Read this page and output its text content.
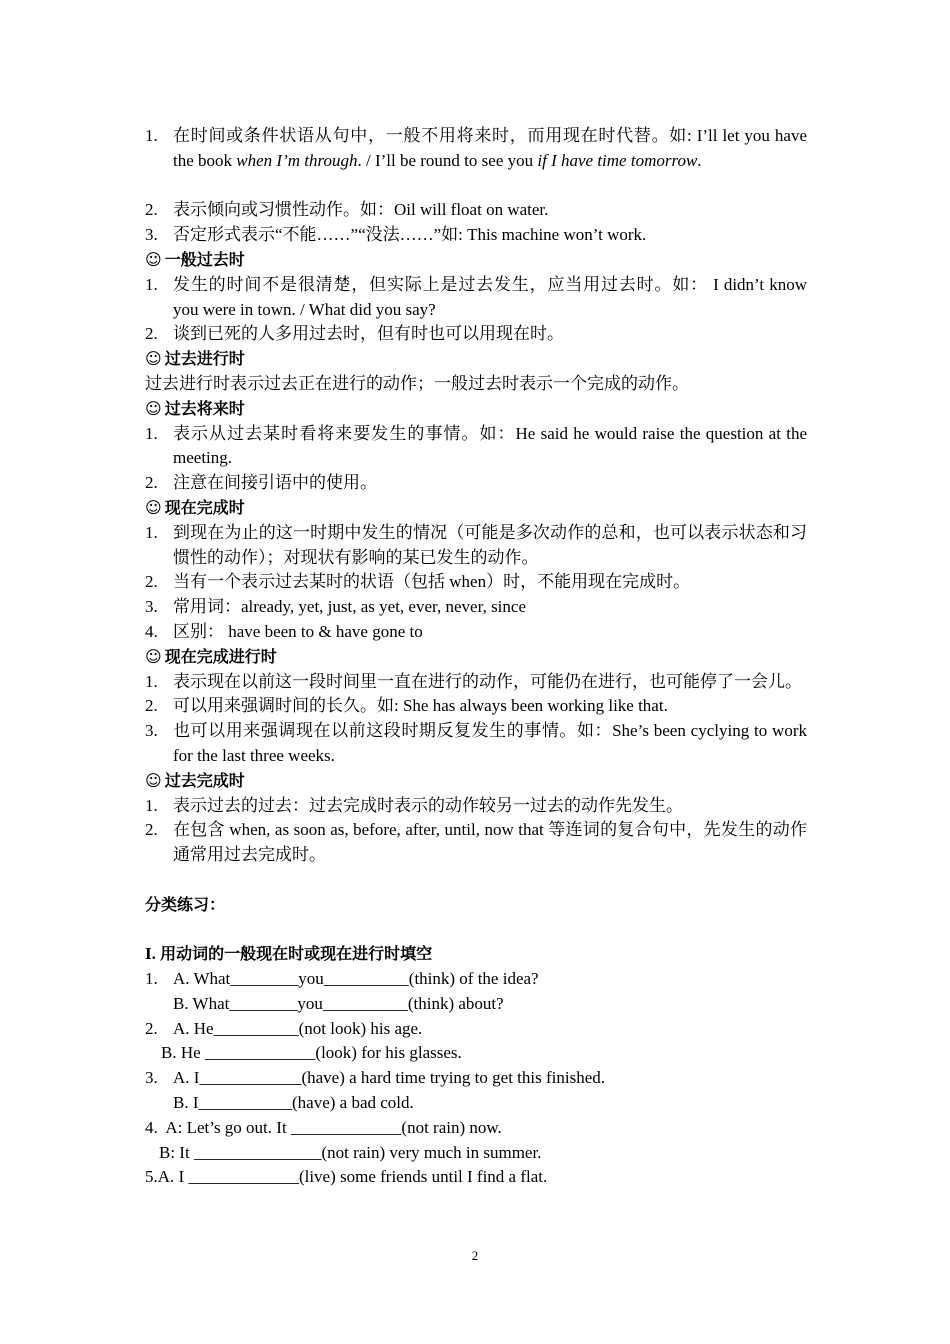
1. 在时间或条件状语从句中，一般不用将来时，而用现在时代替。如: I’ll let you have the book when I’m through. / I’ll be round to see you if I have time tomorrow.
2. 表示倾向或习惯性动作。如：Oil will float on water.
3. 否定形式表示“不能……”“没法……”如: This machine won’t work.
☺ 一般过去时
1. 发生的时间不是很清楚，但实际上是过去发生，应当用过去时。如： I didn’t know you were in town. / What did you say?
2. 谈到已死的人多用过去时，但有时也可以用现在时。
☺ 过去进行时
过去进行时表示过去正在进行的动作；一般过去时表示一个完成的动作。
☺ 过去将来时
1. 表示从过去某时看将来要发生的事情。如：He said he would raise the question at the meeting.
2. 注意在间接引语中的使用。
☺ 现在完成时
1. 到现在为止的这一时期中发生的情况（可能是多次动作的总和，也可以表示状态和习惯性的动作）；对现状有影响的某已发生的动作。
2. 当有一个表示过去某时的状语（包括 when）时，不能用现在完成时。
3. 常用词：already, yet, just, as yet, ever, never, since
4. 区别： have been to & have gone to
☺ 现在完成进行时
1. 表示现在以前这一段时间里一直在进行的动作，可能仍在进行，也可能停了一会儿。
2. 可以用来强调时间的长久。如: She has always been working like that.
3. 也可以用来强调现在以前这段时期反复发生的事情。如：She’s been cyclying to work for the last three weeks.
☺ 过去完成时
1. 表示过去的过去：过去完成时表示的动作较另一过去的动作先发生。
2. 在包含 when, as soon as, before, after, until, now that 等连词的复合句中，先发生的动作通常用过去完成时。
分类练习：
I. 用动词的一般现在时或现在进行时填空
1. A. What________you__________(think) of the idea?
B. What________you__________(think) about?
2. A. He__________(not look) his age.
B. He _____________(look) for his glasses.
3. A. I____________(have) a hard time trying to get this finished.
B. I___________(have) a bad cold.
4. A: Let’s go out. It _____________(not rain) now.
B: It _______________(not rain) very much in summer.
5.A. I _____________(live) some friends until I find a flat.
2
